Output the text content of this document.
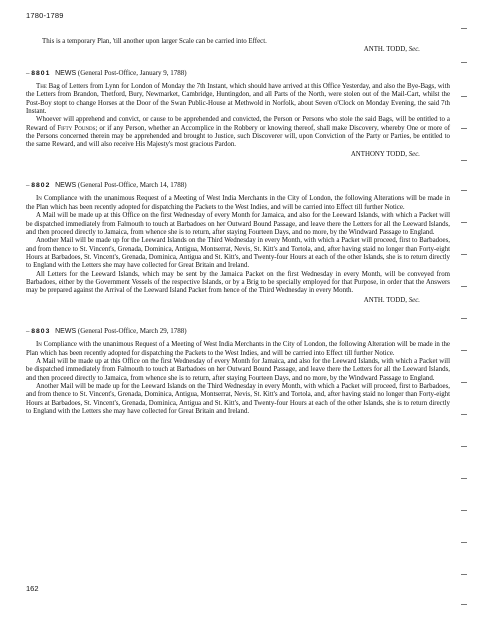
1780-1789

This is a temporary Plan, 'till another upon larger Scale can be carried into Effect.

ANTH. TODD, Sec.

– 8801 NEWS (General Post-Office, January 9, 1788)

The Bag of Letters from Lynn for London of Monday the 7th Instant, which should have arrived at this Office Yesterday, and also the Bye-Bags, with the Letters from Brandon, Thetford, Bury, Newmarket, Cambridge, Huntingdon, and all Parts of the North, were stolen out of the Mail-Cart, whilst the Post-Boy stopt to change Horses at the Door of the Swan Public-House at Methwold in Norfolk, about Seven o'Clock on Monday Evening, the said 7th Instant.

Whoever will apprehend and convict, or cause to be apprehended and convicted, the Person or Persons who stole the said Bags, will be entitled to a Reward of Fifty Pounds; or if any Person, whether an Accomplice in the Robbery or knowing thereof, shall make Discovery, whereby One or more of the Persons concerned therein may be apprehended and brought to Justice, such Discoverer will, upon Conviction of the Party or Parties, be entitled to the same Reward, and will also receive His Majesty's most gracious Pardon.

ANTHONY TODD, Sec.

– 8802 NEWS (General Post-Office, March 14, 1788)

In Compliance with the unanimous Request of a Meeting of West India Merchants in the City of London, the following Alterations will be made in the Plan which has been recently adopted for dispatching the Packets to the West Indies, and will be carried into Effect till further Notice.

A Mail will be made up at this Office on the first Wednesday of every Month for Jamaica, and also for the Leeward Islands, with which a Packet will be dispatched immediately from Falmouth to touch at Barbadoes on her Outward Bound Passage, and leave there the Letters for all the Leeward Islands, and then proceed directly to Jamaica, from whence she is to return, after staying Fourteen Days, and no more, by the Windward Passage to England.

Another Mail will be made up for the Leeward Islands on the Third Wednesday in every Month, with which a Packet will proceed, first to Barbadoes, and from thence to St. Vincent's, Grenada, Dominica, Antigua, Montserrat, Nevis, St. Kitt's and Tortola, and, after having staid no longer than Forty-eight Hours at Barbadoes, St. Vincent's, Grenada, Dominica, Antigua and St. Kitt's, and Twenty-four Hours at each of the other Islands, she is to return directly to England with the Letters she may have collected for Great Britain and Ireland.

All Letters for the Leeward Islands, which may be sent by the Jamaica Packet on the first Wednesday in every Month, will be conveyed from Barbadoes, either by the Government Vessels of the respective Islands, or by a Brig to be specially employed for that Purpose, in order that the Answers may be prepared against the Arrival of the Leeward Island Packet from hence of the Third Wednesday in every Month.

ANTH. TODD, Sec.

– 8803 NEWS (General Post-Office, March 29, 1788)

In Compliance with the unanimous Request of a Meeting of West India Merchants in the City of London, the following Alteration will be made in the Plan which has been recently adopted for dispatching the Packets to the West Indies, and will be carried into Effect till further Notice.

A Mail will be made up at this Office on the first Wednesday of every Month for Jamaica, and also for the Leeward Islands, with which a Packet will be dispatched immediately from Falmouth to touch at Barbadoes on her Outward Bound Passage, and leave there the Letters for all the Leeward Islands, and then proceed directly to Jamaica, from whence she is to return, after staying Fourteen Days, and no more, by the Windward Passage to England.

Another Mail will be made up for the Leeward Islands on the Third Wednesday in every Month, with which a Packet will proceed, first to Barbadoes, and from thence to St. Vincent's, Grenada, Dominica, Antigua, Montserrat, Nevis, St. Kitt's and Tortola, and, after having staid no longer than Forty-eight Hours at Barbadoes, St. Vincent's, Grenada, Dominica, Antigua and St. Kitt's, and Twenty-four Hours at each of the other Islands, she is to return directly to England with the Letters she may have collected for Great Britain and Ireland.

162
